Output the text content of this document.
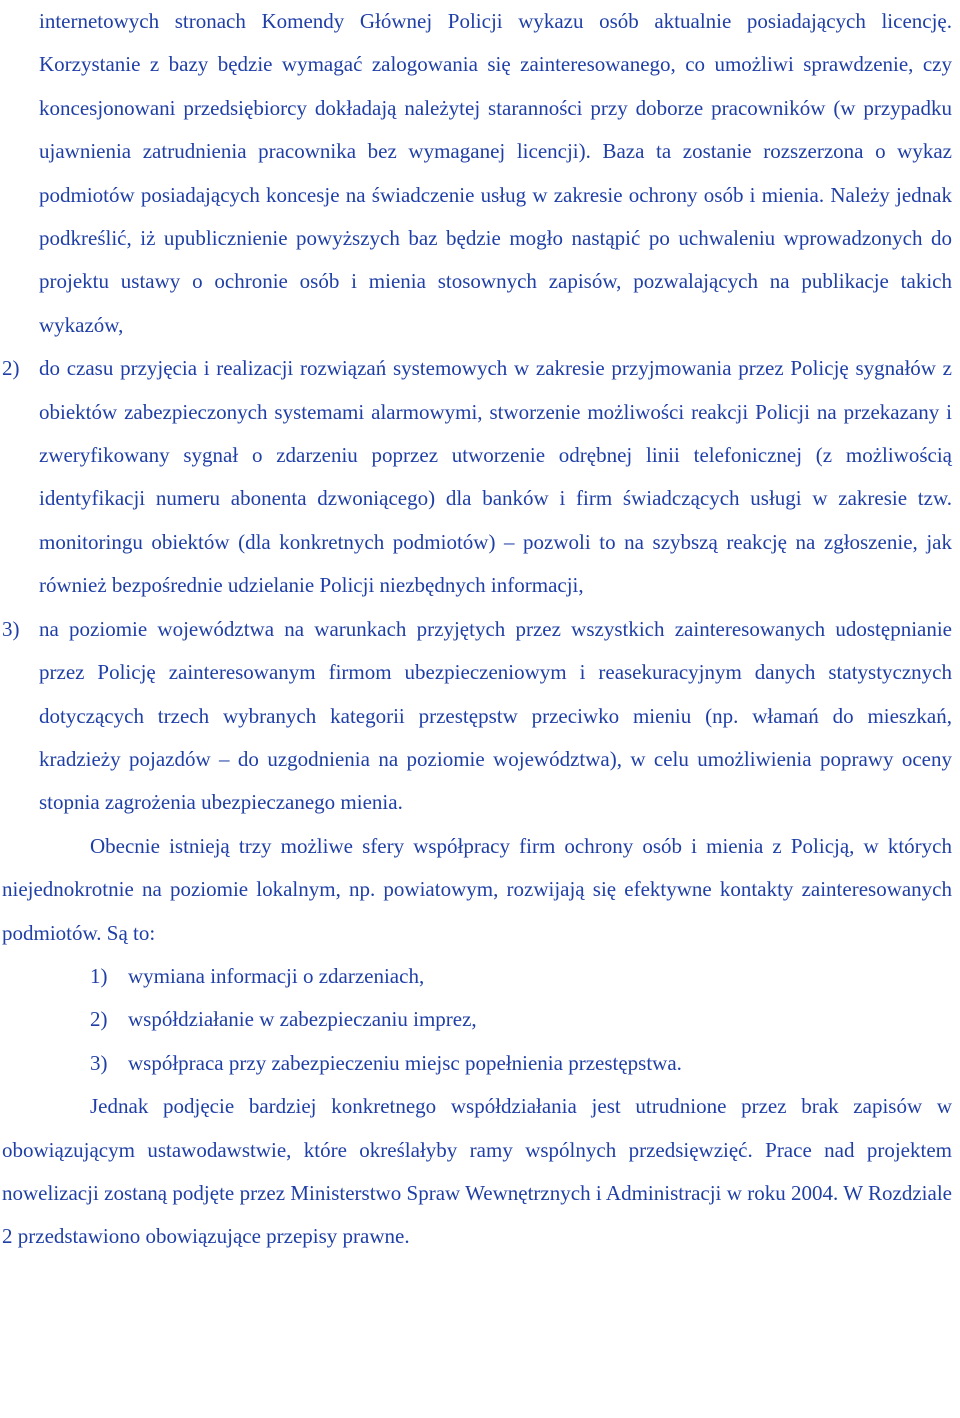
internetowych stronach Komendy Głównej Policji wykazu osób aktualnie posiadających licencję. Korzystanie z bazy będzie wymagać zalogowania się zainteresowanego, co umożliwi sprawdzenie, czy koncesjonowani przedsiębiorcy dokładają należytej staranności przy doborze pracowników (w przypadku ujawnienia zatrudnienia pracownika bez wymaganej licencji). Baza ta zostanie rozszerzona o wykaz podmiotów posiadających koncesje na świadczenie usług w zakresie ochrony osób i mienia. Należy jednak podkreślić, iż upublicznienie powyższych baz będzie mogło nastąpić po uchwaleniu wprowadzonych do projektu ustawy o ochronie osób i mienia stosownych zapisów, pozwalających na publikacje takich wykazów,

2) do czasu przyjęcia i realizacji rozwiązań systemowych w zakresie przyjmowania przez Policję sygnałów z obiektów zabezpieczonych systemami alarmowymi, stworzenie możliwości reakcji Policji na przekazany i zweryfikowany sygnał o zdarzeniu poprzez utworzenie odrębnej linii telefonicznej (z możliwością identyfikacji numeru abonenta dzwoniącego) dla banków i firm świadczących usługi w zakresie tzw. monitoringu obiektów (dla konkretnych podmiotów) – pozwoli to na szybszą reakcję na zgłoszenie, jak również bezpośrednie udzielanie Policji niezbędnych informacji,
3) na poziomie województwa na warunkach przyjętych przez wszystkich zainteresowanych udostępnianie przez Policję zainteresowanym firmom ubezpieczeniowym i reasekuracyjnym danych statystycznych dotyczących trzech wybranych kategorii przestępstw przeciwko mieniu (np. włamań do mieszkań, kradzieży pojazdów – do uzgodnienia na poziomie województwa), w celu umożliwienia poprawy oceny stopnia zagrożenia ubezpieczanego mienia.

Obecnie istnieją trzy możliwe sfery współpracy firm ochrony osób i mienia z Policją, w których niejednokrotnie na poziomie lokalnym, np. powiatowym, rozwijają się efektywne kontakty zainteresowanych podmiotów. Są to:

1) wymiana informacji o zdarzeniach,
2) współdziałanie w zabezpieczaniu imprez,
3) współpraca przy zabezpieczeniu miejsc popełnienia przestępstwa.

Jednak podjęcie bardziej konkretnego współdziałania jest utrudnione przez brak zapisów w obowiązującym ustawodawstwie, które określałyby ramy wspólnych przedsięwzięć. Prace nad projektem nowelizacji zostaną podjęte przez Ministerstwo Spraw Wewnętrznych i Administracji w roku 2004. W Rozdziale 2 przedstawiono obowiązujące przepisy prawne.
